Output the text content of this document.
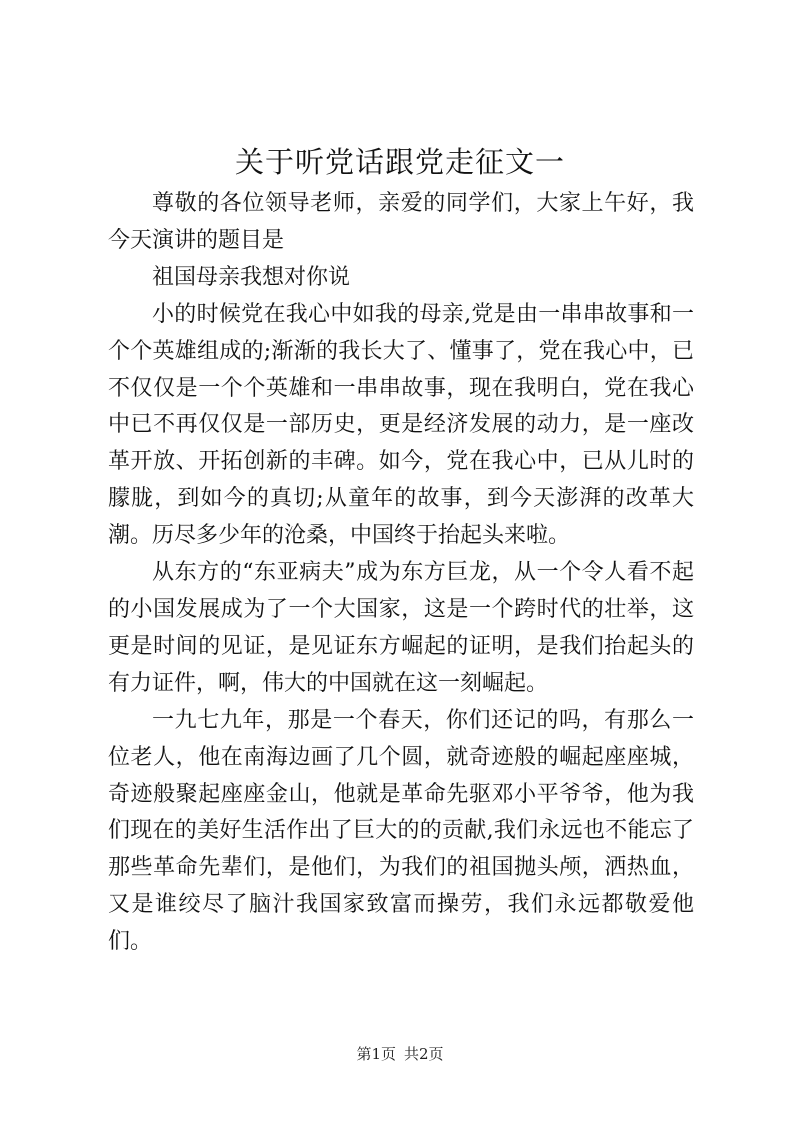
关于听党话跟党走征文一

尊敬的各位领导老师，亲爱的同学们，大家上午好，我今天演讲的题目是

祖国母亲我想对你说

小的时候党在我心中如我的母亲,党是由一串串故事和一个个英雄组成的;渐渐的我长大了、懂事了，党在我心中，已不仅仅是一个个英雄和一串串故事，现在我明白，党在我心中已不再仅仅是一部历史，更是经济发展的动力，是一座改革开放、开拓创新的丰碑。如今，党在我心中，已从儿时的朦胧，到如今的真切;从童年的故事，到今天澎湃的改革大潮。历尽多少年的沧桑，中国终于抬起头来啦。

从东方的“东亚病夫”成为东方巨龙，从一个令人看不起的小国发展成为了一个大国家，这是一个跨时代的壮举，这更是时间的见证，是见证东方崛起的证明，是我们抬起头的有力证件，啊，伟大的中国就在这一刻崛起。

一九七九年，那是一个春天，你们还记的吗，有那么一位老人，他在南海边画了几个圆，就奇迹般的崛起座座城，奇迹般聚起座座金山，他就是革命先驱邓小平爷爷，他为我们现在的美好生活作出了巨大的的贡献,我们永远也不能忘了那些革命先辈们，是他们，为我们的祖国抛头颅，洒热血，又是谁绞尽了脑汁我国家致富而操劳，我们永远都敬爱他们。

第1页 共2页
